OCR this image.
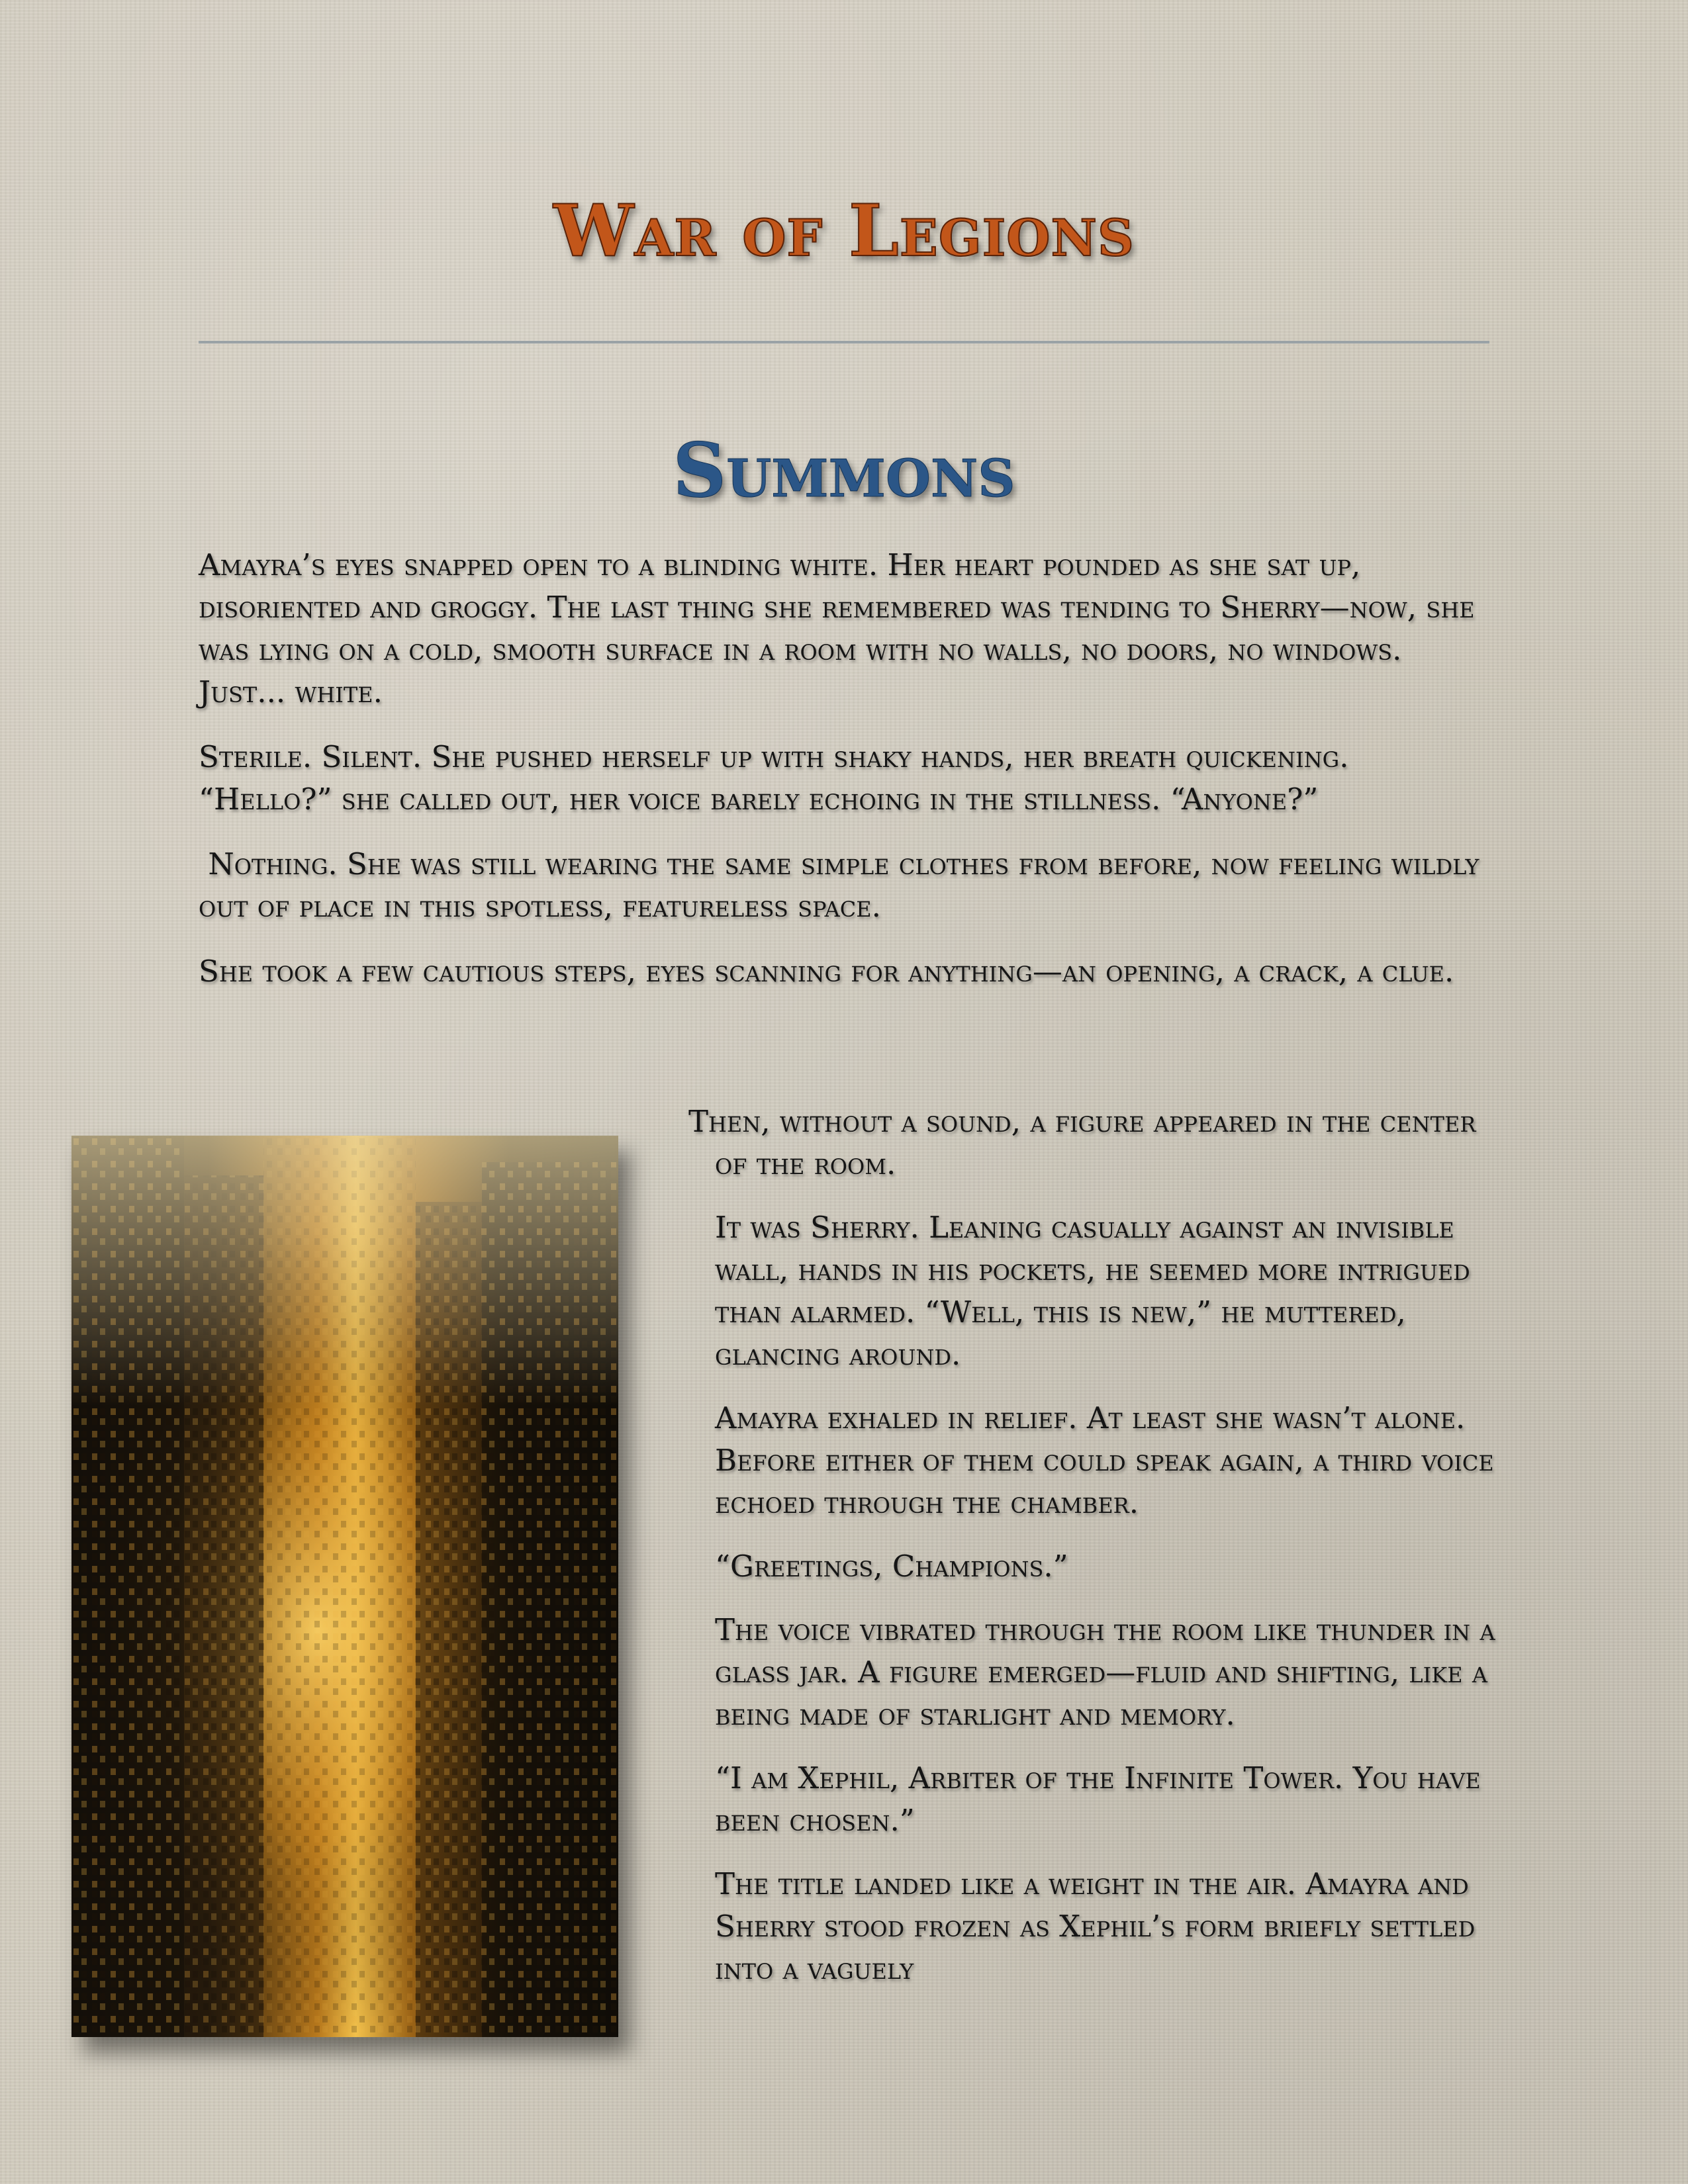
War of Legions
Summons

Amayra’s eyes snapped open to a blinding white. Her heart pounded as she sat up, disoriented and groggy. The last thing she remembered was tending to Sherry—now, she was lying on a cold, smooth surface in a room with no walls, no doors, no windows. Just... white.

Sterile. Silent. She pushed herself up with shaky hands, her breath quickening. “Hello?” she called out, her voice barely echoing in the stillness. “Anyone?”

Nothing. She was still wearing the same simple clothes from before, now feeling wildly out of place in this spotless, featureless space.

She took a few cautious steps, eyes scanning for anything—an opening, a crack, a clue.

Then, without a sound, a figure appeared in the center of the room.

It was Sherry. Leaning casually against an invisible wall, hands in his pockets, he seemed more intrigued than alarmed. “Well, this is new,” he muttered, glancing around.

Amayra exhaled in relief. At least she wasn’t alone. Before either of them could speak again, a third voice echoed through the chamber.

“Greetings, Champions.”

The voice vibrated through the room like thunder in a glass jar. A figure emerged—fluid and shifting, like a being made of starlight and memory.

“I am Xephil, Arbiter of the Infinite Tower. You have been chosen.”

The title landed like a weight in the air. Amayra and Sherry stood frozen as Xephil’s form briefly settled into a vaguely
